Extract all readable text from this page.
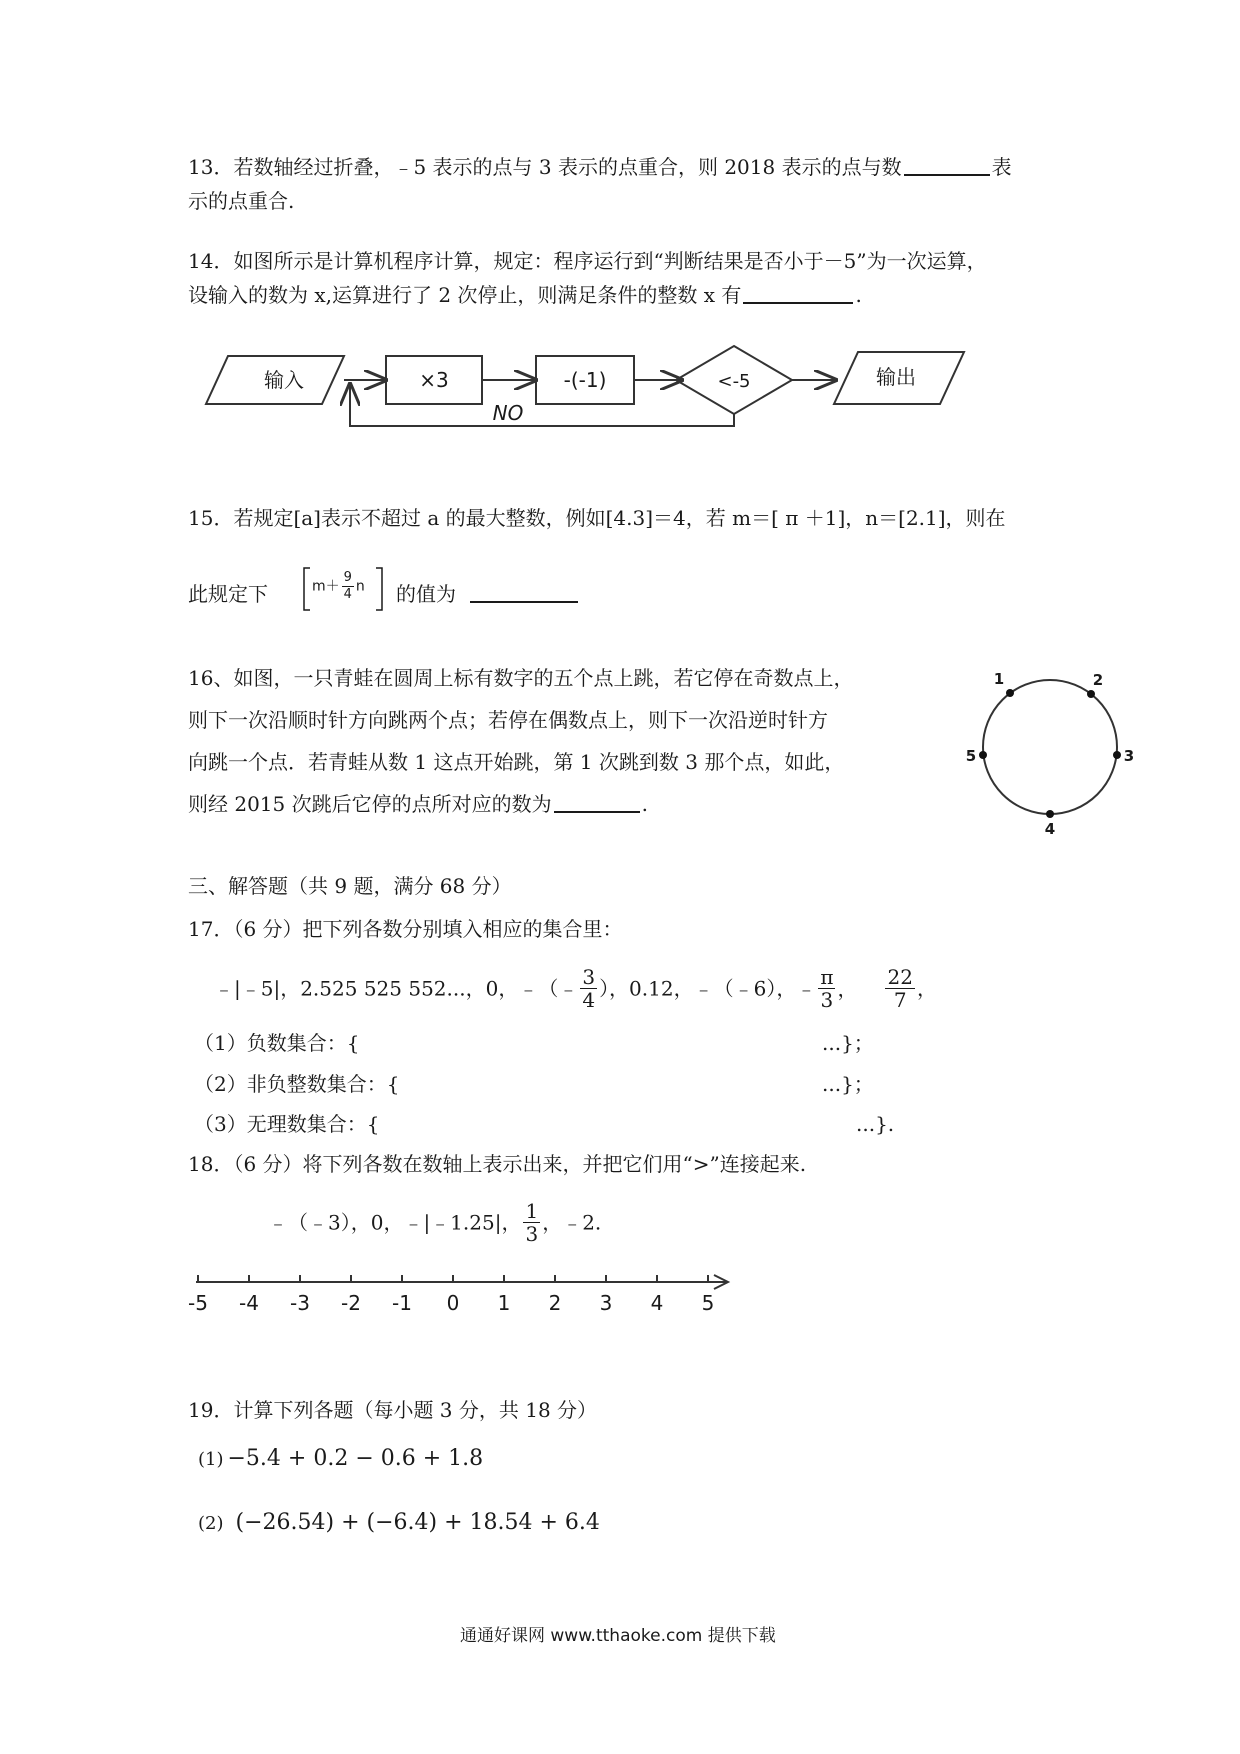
13．若数轴经过折叠，﹣5 表示的点与 3 表示的点重合，则 2018 表示的点与数	表
示的点重合.
14．如图所示是计算机程序计算，规定：程序运行到“判断结果是否小于－5”为一次运算，
设输入的数为 x,运算进行了 2 次停止，则满足条件的整数 x 有	.
输入	×3	-(-1)	<-5	输出
NO
15．若规定[a]表示不超过 a 的最大整数，例如[4.3]＝4，若 m＝[ π ＋1]，n＝[2.1]，则在
此规定下	$m+ \frac{9}{4}$ n 的值为
16、如图，一只青蛙在圆周上标有数字的五个点上跳，若它停在奇数点上，
则下一次沿顺时针方向跳两个点；若停在偶数点上，则下一次沿逆时针方
向跳一个点．若青蛙从数 1 这点开始跳，第 1 次跳到数 3 那个点，如此，
则经 2015 次跳后它停的点所对应的数为	.
1	2
3
4
5
三、解答题（共 9 题，满分 68 分）
17．（6 分）把下列各数分别填入相应的集合里：
﹣|﹣5|，2.525 525 552...，0，﹣（﹣ $\frac{3}{4}$ ），0.12，﹣（﹣6），﹣ $\frac{\pi}{3}$ ， $\frac{22}{7}$ ，
（1）负数集合：{	...}；
（2）非负整数集合：{	...}；
（3）无理数集合：{	...}.
18．（6 分）将下列各数在数轴上表示出来，并把它们用“>”连接起来.
﹣（﹣3），0，﹣|﹣1.25|， $\frac{1}{3}$ ，﹣2.
-5 -4 -3 -2 -1 0 1 2 3 4 5
19．计算下列各题（每小题 3 分，共 18 分）
(1) −5.4 + 0.2 − 0.6 + 1.8
(2) (−26.54) + (−6.4) + 18.54 + 6.4
通通好课网 www.tthaoke.com 提供下载
